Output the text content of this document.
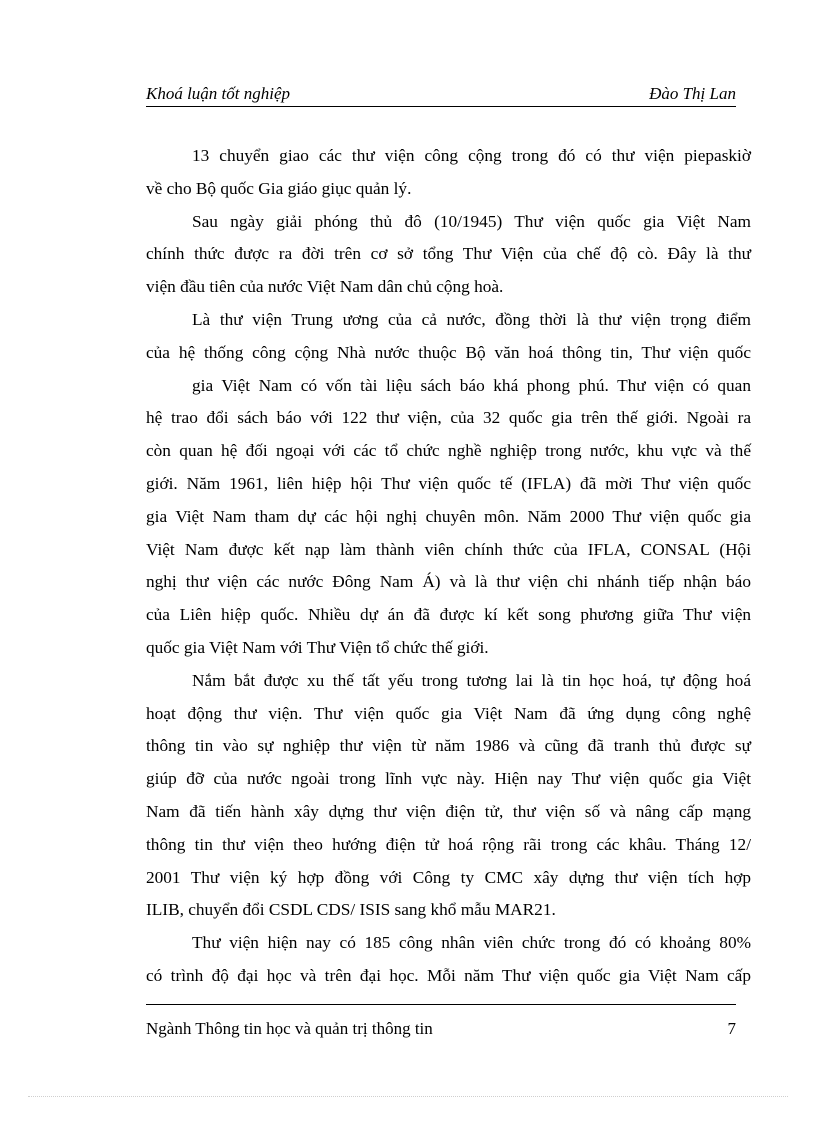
Khoá luận tốt nghiệp	Đào Thị Lan
13 chuyển giao các thư viện công cộng trong đó có thư viện piepaskiờ
về cho Bộ quốc Gia giáo giục quản lý.
Sau ngày giải phóng thủ đô (10/1945) Thư viện quốc gia Việt Nam
chính thức được ra đời trên cơ sở tổng Thư Viện của chế độ cò. Đây là thư
viện đầu tiên của nước Việt Nam dân chủ cộng hoà.
Là thư viện Trung ương của cả nước, đồng thời là thư viện trọng điểm
của hệ thống công cộng Nhà nước thuộc Bộ văn hoá thông tin, Thư viện quốc
gia Việt Nam có vốn tài liệu sách báo khá phong phú. Thư viện có quan
hệ trao đổi sách báo với 122 thư viện, của 32 quốc gia trên thế giới. Ngoài ra
còn quan hệ đối ngoại với các tổ chức nghề nghiệp trong nước, khu vực và thế
giới. Năm 1961, liên hiệp hội Thư viện quốc tế (IFLA) đã mời Thư viện quốc
gia Việt Nam tham dự các hội nghị chuyên môn. Năm 2000 Thư viện quốc gia
Việt Nam được kết nạp làm thành viên chính thức của IFLA, CONSAL (Hội
nghị thư viện các nước Đông Nam Á) và là thư viện chi nhánh tiếp nhận báo
của Liên hiệp quốc. Nhiều dự án đã được kí kết song phương giữa Thư viện
quốc gia Việt Nam với Thư Viện tổ chức thế giới.
Nắm bắt được xu thế tất yếu trong tương lai là tin học hoá, tự động hoá
hoạt động thư viện. Thư viện quốc gia Việt Nam đã ứng dụng công nghệ
thông tin vào sự nghiệp thư viện từ năm 1986 và cũng đã tranh thủ được sự
giúp đỡ của nước ngoài trong lĩnh vực này. Hiện nay Thư viện quốc gia Việt
Nam đã tiến hành xây dựng thư viện điện tử, thư viện số và nâng cấp mạng
thông tin thư viện theo hướng điện tử hoá rộng rãi trong các khâu. Tháng 12/
2001 Thư viện ký hợp đồng với Công ty CMC xây dựng thư viện tích hợp
ILIB, chuyển đổi CSDL CDS/ ISIS sang khổ mẫu MAR21.
Thư viện hiện nay có 185 công nhân viên chức trong đó có khoảng 80%
có trình độ đại học và trên đại học. Mỗi năm Thư viện quốc gia Việt Nam cấp
Ngành Thông tin học và quản trị thông tin	7
